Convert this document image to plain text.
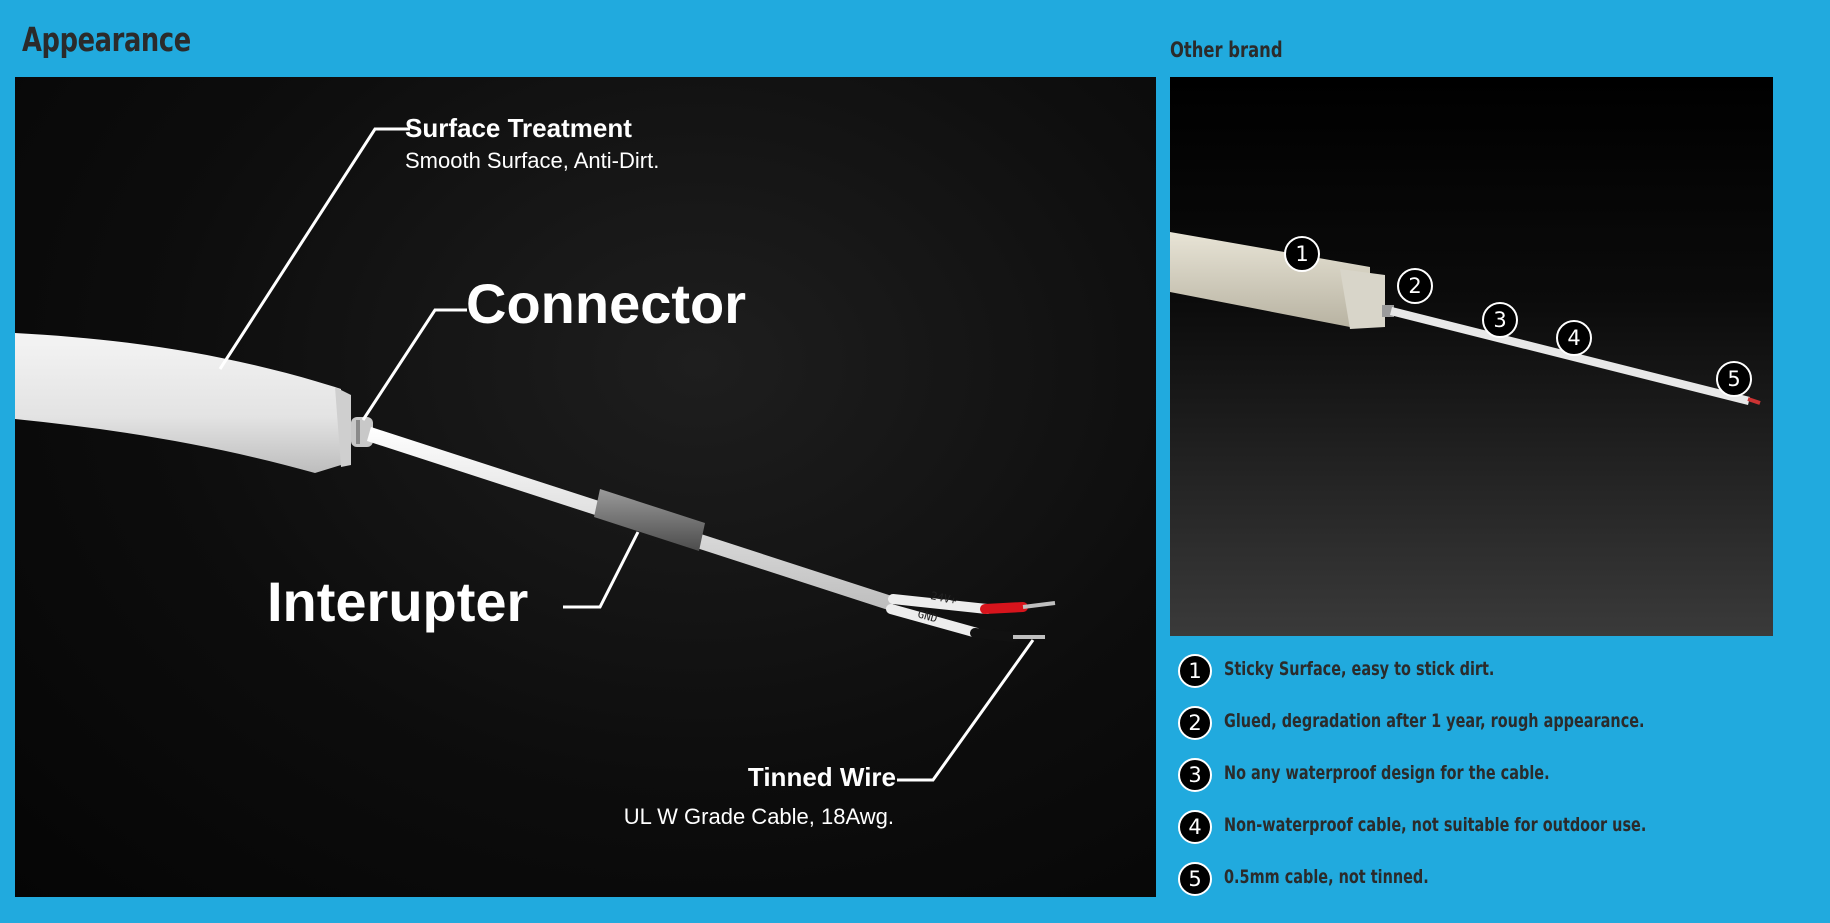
Appearance	Other brand
24V+
GND
Surface Treatment
Smooth Surface, Anti-Dirt.
Connector
Interupter
Tinned Wire
UL W Grade Cable, 18Awg.
1
2
3
4
5
1	Sticky Surface, easy to stick dirt.
2	Glued, degradation after 1 year, rough appearance.
3	No any waterproof design for the cable.
4	Non-waterproof cable, not suitable for outdoor use.
5	0.5mm cable, not tinned.
